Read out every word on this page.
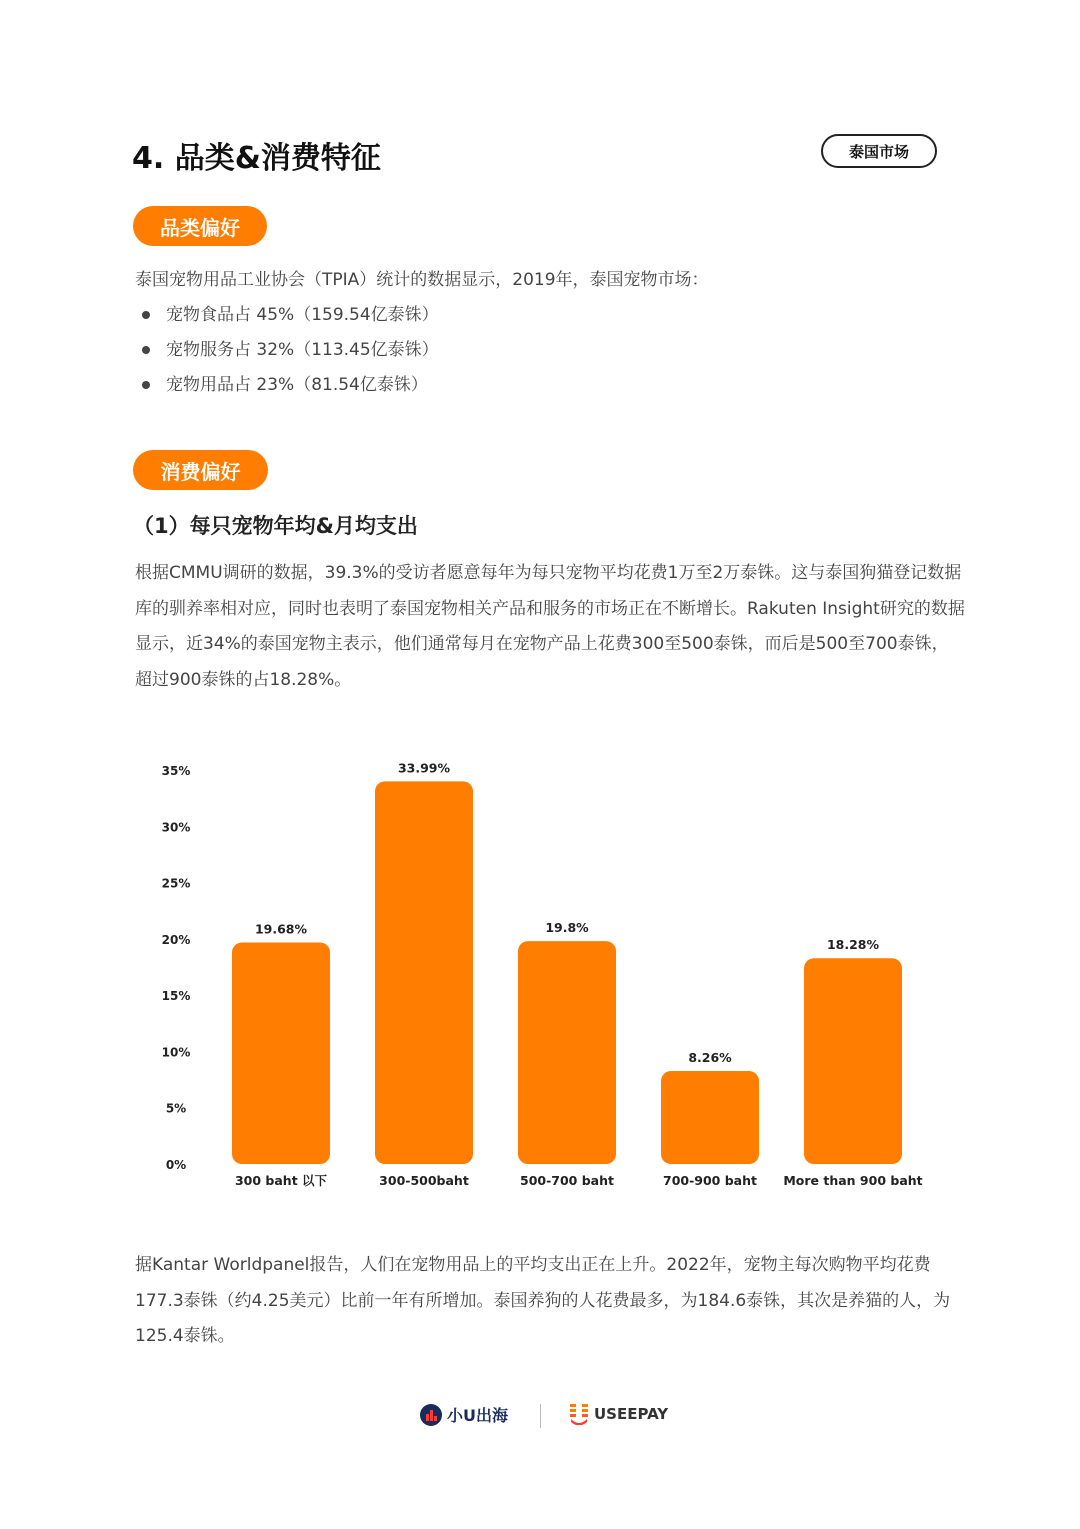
4. 品类&消费特征	泰国市场
品类偏好
泰国宠物用品工业协会（TPIA）统计的数据显示，2019年，泰国宠物市场：
宠物食品占 45%（159.54亿泰铢）
宠物服务占 32%（113.45亿泰铢）
宠物用品占 23%（81.54亿泰铢）
消费偏好
（1）每只宠物年均&月均支出
根据CMMU调研的数据，39.3%的受访者愿意每年为每只宠物平均花费1万至2万泰铢。这与泰国狗猫登记数据库的驯养率相对应，同时也表明了泰国宠物相关产品和服务的市场正在不断增长。Rakuten Insight研究的数据显示，近34%的泰国宠物主表示，他们通常每月在宠物产品上花费300至500泰铢，而后是500至700泰铢，超过900泰铢的占18.28%。
0%
5%
10%
15%
20%
25%
30%
35%
19.68%
33.99%
19.8%
8.26%
18.28%
300 baht 以下	300-500baht	500-700 baht	700-900 baht More than 900 baht
据Kantar Worldpanel报告，人们在宠物用品上的平均支出正在上升。2022年，宠物主每次购物平均花费177.3泰铢（约4.25美元）比前一年有所增加。泰国养狗的人花费最多，为184.6泰铢，其次是养猫的人，为125.4泰铢。
小U出海	USEEPAY
